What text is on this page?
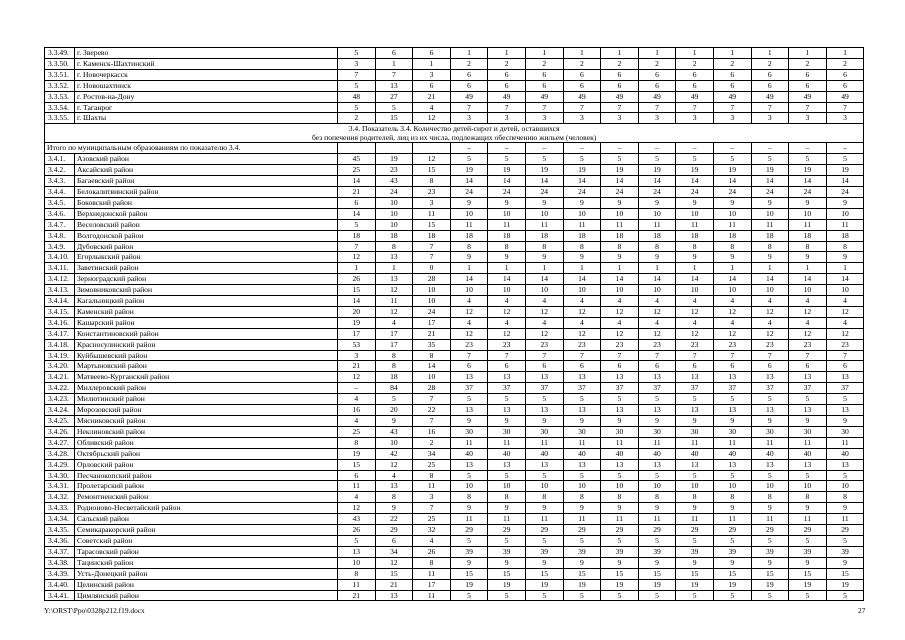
3.3.49.	г. Зверево	5	6	6	1	1	1	1	1	1	1	1	1	1	1
3.3.50.	г. Каменск-Шахтинский	3	1	1	2	2	2	2	2	2	2	2	2	2	2
3.3.51.	г. Новочеркасск	7	7	3	6	6	6	6	6	6	6	6	6	6	6
3.3.52.	г. Новошахтинск	5	13	6	6	6	6	6	6	6	6	6	6	6	6
3.3.53.	г. Ростов-на-Дону	48	27	21	49	49	49	49	49	49	49	49	49	49	49
3.3.54.	г. Таганрог	5	5	4	7	7	7	7	7	7	7	7	7	7	7
3.3.55.	г. Шахты	2	15	12	3	3	3	3	3	3	3	3	3	3	3

3.4. Показатель 3.4. Количество детей-сирот и детей, оставшихся
без попечения родителей, лиц из их числа, подлежащих обеспечению жильем (человек)															

Итого по муниципальным образованиям по показателю 3.4.					–	–	–	–	–	–	–	–	–	–	–
3.4.1.	Азовский район	45	19	12	5	5	5	5	5	5	5	5	5	5	5
3.4.2.	Аксайский район	25	23	15	19	19	19	19	19	19	19	19	19	19	19
3.4.3.	Багаевский район	14	43	8	14	14	14	14	14	14	14	14	14	14	14
3.4.4.	Белокалитвинский район	21	24	23	24	24	24	24	24	24	24	24	24	24	24
3.4.5.	Боковский район	6	10	3	9	9	9	9	9	9	9	9	9	9	9
3.4.6.	Верхнедонской район	14	10	11	10	10	10	10	10	10	10	10	10	10	10
3.4.7.	Веселовский район	5	10	15	11	11	11	11	11	11	11	11	11	11	11
3.4.8.	Волгодонской район	18	18	18	18	18	18	18	18	18	18	18	18	18	18
3.4.9.	Дубовский район	7	8	7	8	8	8	8	8	8	8	8	8	8	8
3.4.10.	Егорлыкский район	12	13	7	9	9	9	9	9	9	9	9	9	9	9
3.4.11.	Заветинский район	1	1	0	1	1	1	1	1	1	1	1	1	1	1
3.4.12.	Зерноградский район	26	13	28	14	14	14	14	14	14	14	14	14	14	14
3.4.13.	Зимовниковский район	15	12	10	10	10	10	10	10	10	10	10	10	10	10
3.4.14.	Кагальницкий район	14	11	10	4	4	4	4	4	4	4	4	4	4	4
3.4.15.	Каменский район	20	12	24	12	12	12	12	12	12	12	12	12	12	12
3.4.16.	Кашарский район	19	4	17	4	4	4	4	4	4	4	4	4	4	4
3.4.17.	Константиновский район	17	17	21	12	12	12	12	12	12	12	12	12	12	12
3.4.18.	Красносулинский район	53	17	35	23	23	23	23	23	23	23	23	23	23	23
3.4.19.	Куйбышевский район	3	8	8	7	7	7	7	7	7	7	7	7	7	7
3.4.20.	Мартыновский район	21	8	14	6	6	6	6	6	6	6	6	6	6	6
3.4.21.	Матвеево-Курганский район	12	18	10	13	13	13	13	13	13	13	13	13	13	13
3.4.22.	Миллеровский район	–	84	28	37	37	37	37	37	37	37	37	37	37	37
3.4.23.	Милютинский район	4	5	7	5	5	5	5	5	5	5	5	5	5	5
3.4.24.	Морозовский район	16	20	22	13	13	13	13	13	13	13	13	13	13	13
3.4.25.	Мясниковский район	4	9	7	9	9	9	9	9	9	9	9	9	9	9
3.4.26.	Неклиновский район	25	43	16	30	30	30	30	30	30	30	30	30	30	30
3.4.27.	Обливский район	8	10	2	11	11	11	11	11	11	11	11	11	11	11
3.4.28.	Октябрьский район	19	42	34	40	40	40	40	40	40	40	40	40	40	40
3.4.29.	Орловский район	15	12	25	13	13	13	13	13	13	13	13	13	13	13
3.4.30.	Песчанокопский район	6	4	8	5	5	5	5	5	5	5	5	5	5	5
3.4.31.	Пролетарский район	11	13	11	10	10	10	10	10	10	10	10	10	10	10
3.4.32.	Ремонтненский район	4	8	3	8	8	8	8	8	8	8	8	8	8	8
3.4.33.	Родионово-Несветайский район	12	9	7	9	9	9	9	9	9	9	9	9	9	9
3.4.34.	Сальский район	43	22	25	11	11	11	11	11	11	11	11	11	11	11
3.4.35.	Семикаракорский район	26	29	32	29	29	29	29	29	29	29	29	29	29	29
3.4.36.	Советский район	5	6	4	5	5	5	5	5	5	5	5	5	5	5
3.4.37.	Тарасовский район	13	34	26	39	39	39	39	39	39	39	39	39	39	39
3.4.38.	Тацинский район	10	12	8	9	9	9	9	9	9	9	9	9	9	9
3.4.39.	Усть-Донецкий район	8	15	11	15	15	15	15	15	15	15	15	15	15	15
3.4.40.	Целинский район	11	21	17	19	19	19	19	19	19	19	19	19	19	19
3.4.41.	Цимлянский район	21	13	11	5	5	5	5	5	5	5	5	5	5	5
Y:\ORST\Ppo\0328p212.f19.docx	27
